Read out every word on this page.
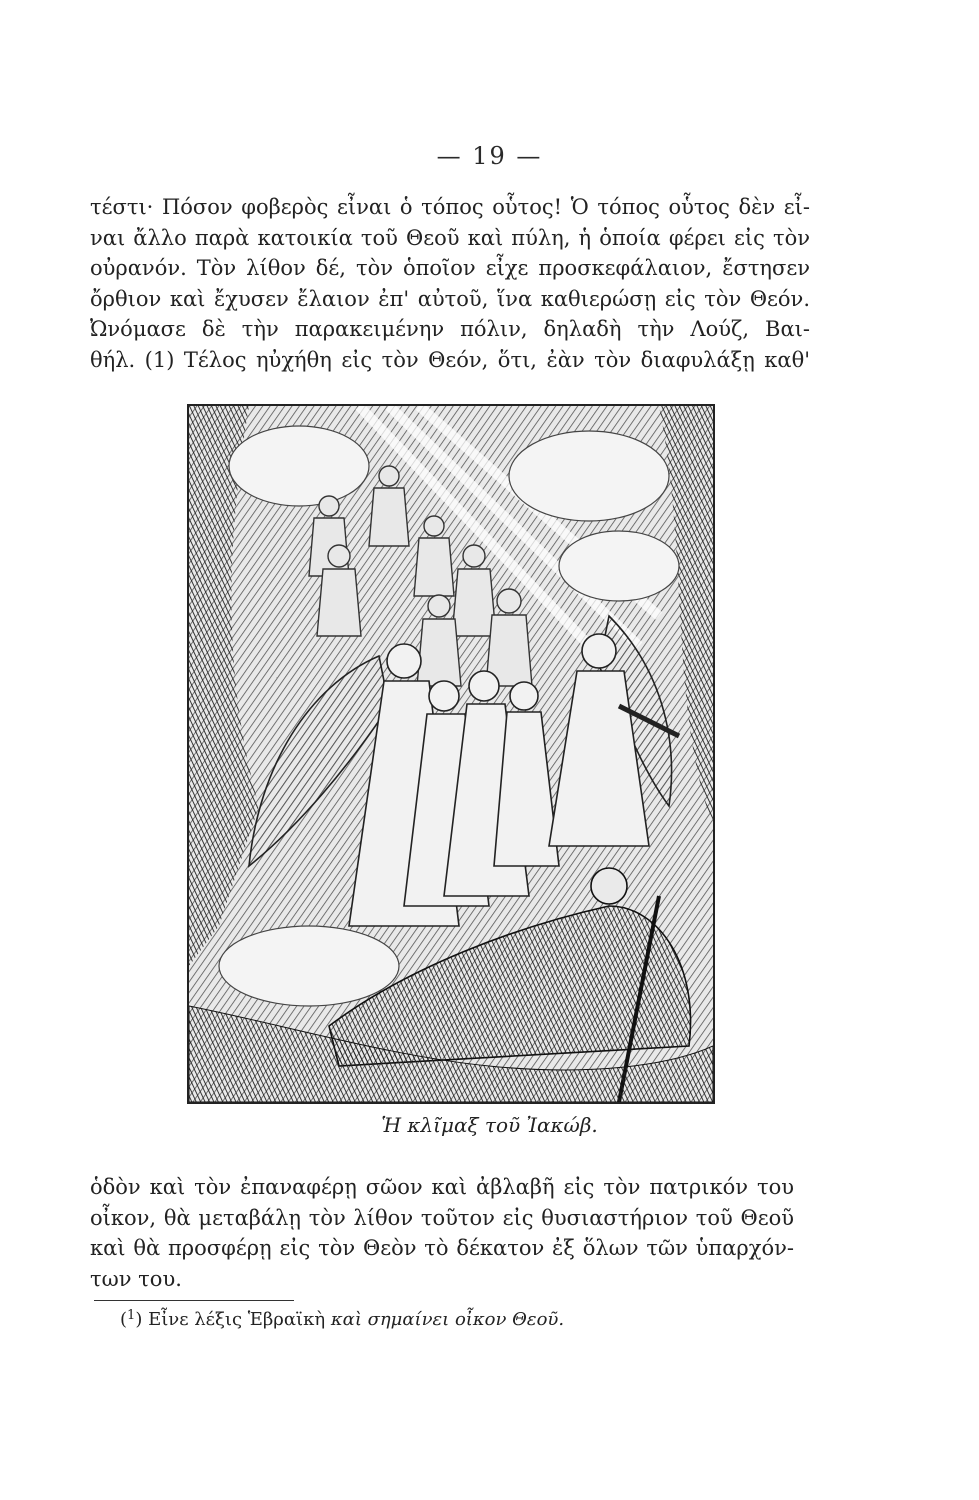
— 19 —
τέστι· Πόσον φοβερὸς εἶναι ὁ τόπος οὗτος! Ὁ τόπος οὗτος δὲν εἶ-
ναι ἄλλο παρὰ κατοικία τοῦ Θεοῦ καὶ πύλη, ἡ ὁποία φέρει εἰς τὸν
οὐρανόν. Τὸν λίθον δέ, τὸν ὁποῖον εἶχε προσκεφάλαιον, ἔστησεν
ὄρθιον καὶ ἔχυσεν ἔλαιον ἐπ' αὐτοῦ, ἵνα καθιερώσῃ εἰς τὸν Θεόν.
Ὠνόμασε δὲ τὴν παρακειμένην πόλιν, δηλαδὴ τὴν Λούζ, Βαι-
θήλ. (1) Τέλος ηὐχήθη εἰς τὸν Θεόν, ὅτι, ἐὰν τὸν διαφυλάξῃ καθ'
Ἡ κλῖμαξ τοῦ Ἰακώβ.
ὁδὸν καὶ τὸν ἐπαναφέρῃ σῶον καὶ ἀβλαβῆ εἰς τὸν πατρικόν του
οἶκον, θὰ μεταβάλῃ τὸν λίθον τοῦτον εἰς θυσιαστήριον τοῦ Θεοῦ
καὶ θὰ προσφέρῃ εἰς τὸν Θεὸν τὸ δέκατον ἐξ ὅλων τῶν ὑπαρχόν-
των του.
($^1$) Εἶνε λέξις Ἑβραϊκὴ καὶ σημαίνει οἶκον Θεοῦ.
